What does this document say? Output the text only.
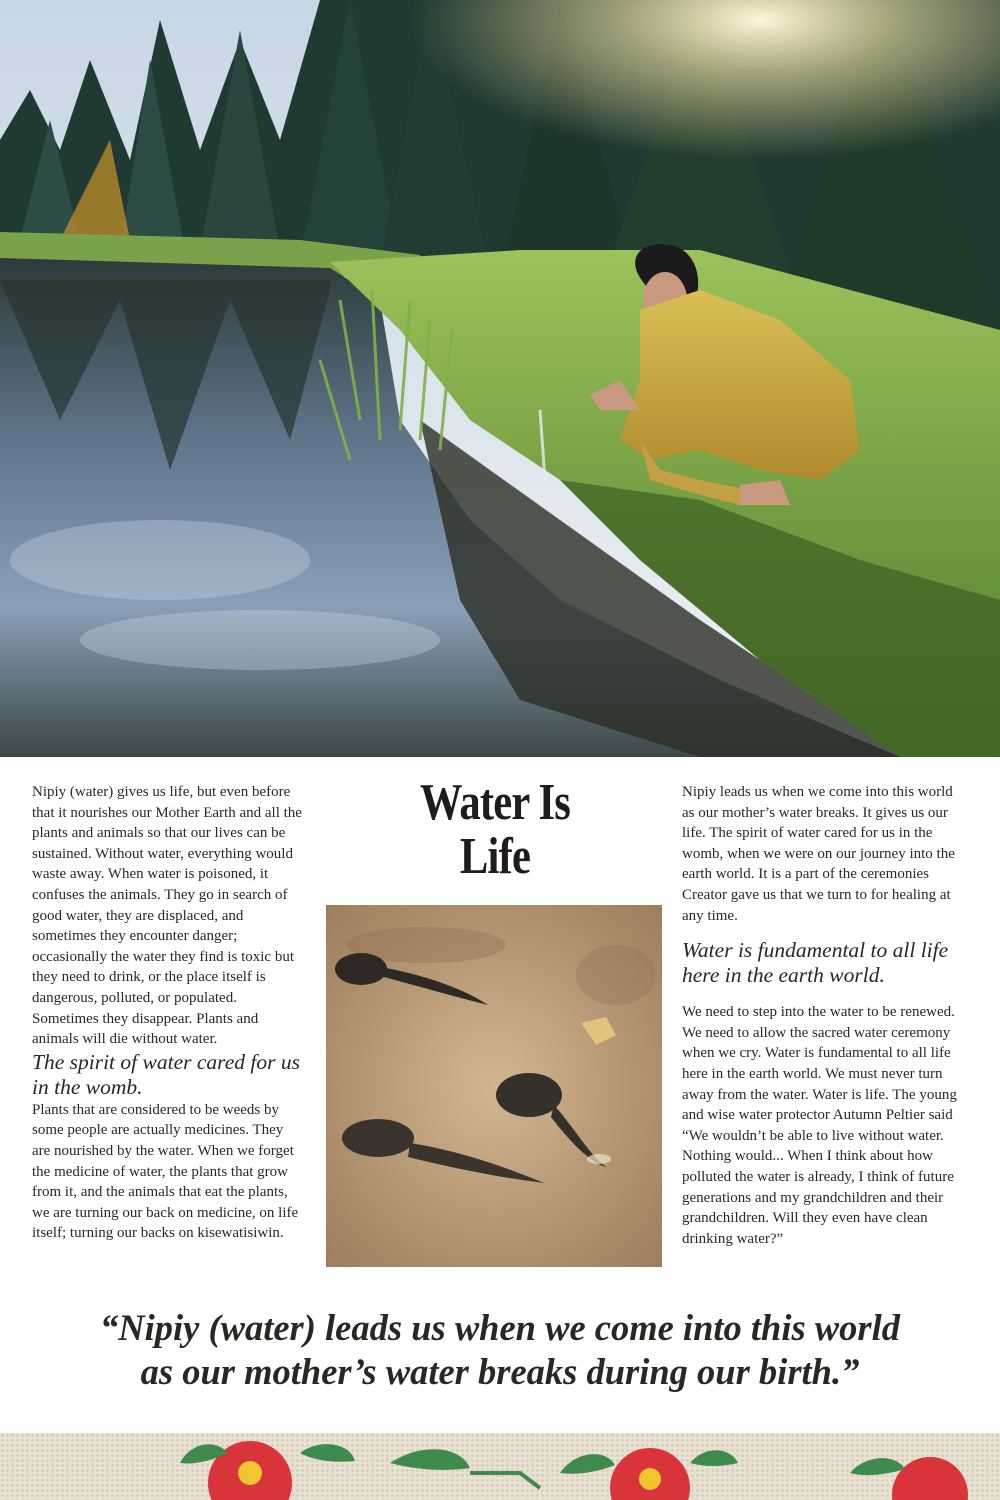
Nipiy (water) gives us life, but even before that it nourishes our Mother Earth and all the plants and animals so that our lives can be sustained. Without water, everything would waste away. When water is poisoned, it confuses the animals. They go in search of good water, they are displaced, and sometimes they encounter danger; occasionally the water they find is toxic but they need to drink, or the place itself is dangerous, polluted, or populated. Sometimes they disappear. Plants and animals will die without water.

The spirit of water cared for us in the womb.

Plants that are considered to be weeds by some people are actually medicines. They are nourished by the water. When we forget the medicine of water, the plants that grow from it, and the animals that eat the plants, we are turning our back on medicine, on life itself; turning our backs on kisewatisiwin.

Water Is
Life

Nipiy leads us when we come into this world as our mother’s water breaks. It gives us our life. The spirit of water cared for us in the womb, when we were on our journey into the earth world. It is a part of the ceremonies Creator gave us that we turn to for healing at any time.

Water is fundamental to all life here in the earth world.

We need to step into the water to be renewed. We need to allow the sacred water ceremony when we cry. Water is fundamental to all life here in the earth world. We must never turn away from the water. Water is life. The young and wise water protector Autumn Peltier said “We wouldn’t be able to live without water. Nothing would... When I think about how polluted the water is already, I think of future generations and my grandchildren and their grandchildren. Will they even have clean drinking water?”

“Nipiy (water) leads us when we come into this world
as our mother’s water breaks during our birth.”
